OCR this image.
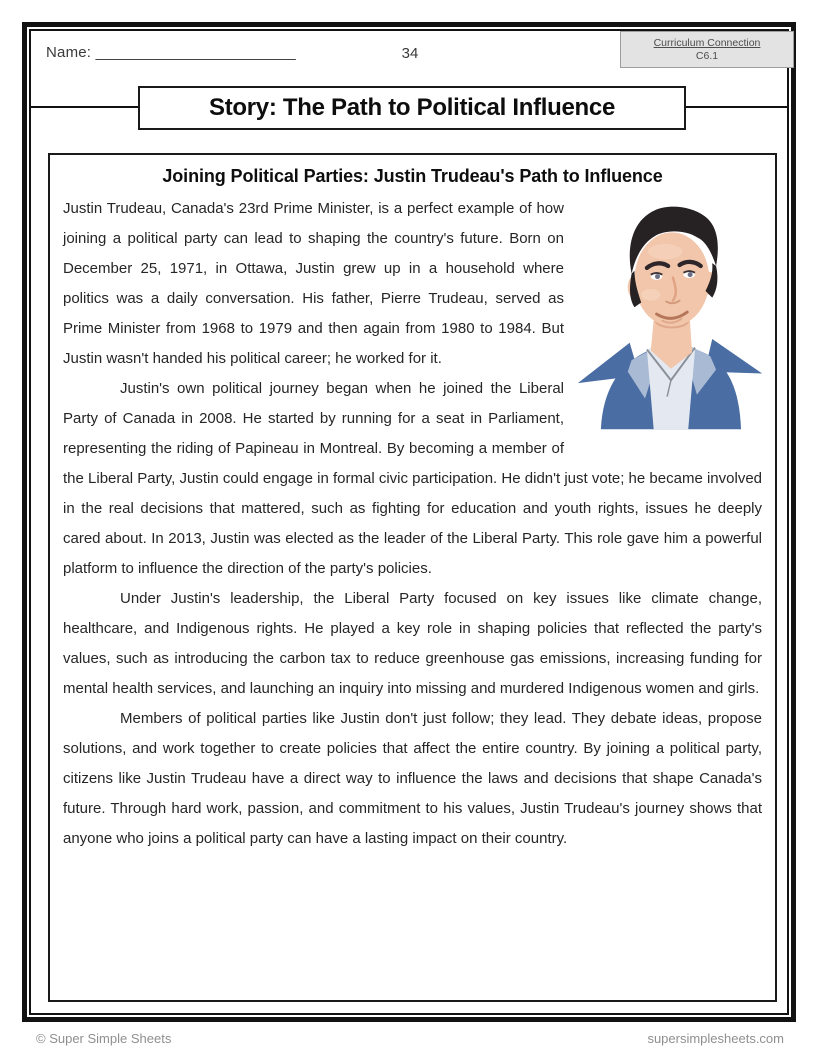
Name: ________________________	34
Curriculum Connection
C6.1
Story: The Path to Political Influence
Joining Political Parties: Justin Trudeau's Path to Influence

Justin Trudeau, Canada's 23rd Prime Minister, is a perfect example of how joining a political party can lead to shaping the country's future. Born on December 25, 1971, in Ottawa, Justin grew up in a household where politics was a daily conversation. His father, Pierre Trudeau, served as Prime Minister from 1968 to 1979 and then again from 1980 to 1984. But Justin wasn't handed his political career; he worked for it.

Justin's own political journey began when he joined the Liberal Party of Canada in 2008. He started by running for a seat in Parliament, representing the riding of Papineau in Montreal. By becoming a member of the Liberal Party, Justin could engage in formal civic participation. He didn't just vote; he became involved in the real decisions that mattered, such as fighting for education and youth rights, issues he deeply cared about. In 2013, Justin was elected as the leader of the Liberal Party. This role gave him a powerful platform to influence the direction of the party's policies.

Under Justin's leadership, the Liberal Party focused on key issues like climate change, healthcare, and Indigenous rights. He played a key role in shaping policies that reflected the party's values, such as introducing the carbon tax to reduce greenhouse gas emissions, increasing funding for mental health services, and launching an inquiry into missing and murdered Indigenous women and girls.

Members of political parties like Justin don't just follow; they lead. They debate ideas, propose solutions, and work together to create policies that affect the entire country. By joining a political party, citizens like Justin Trudeau have a direct way to influence the laws and decisions that shape Canada's future. Through hard work, passion, and commitment to his values, Justin Trudeau's journey shows that anyone who joins a political party can have a lasting impact on their country.

© Super Simple Sheets	supersimplesheets.com
